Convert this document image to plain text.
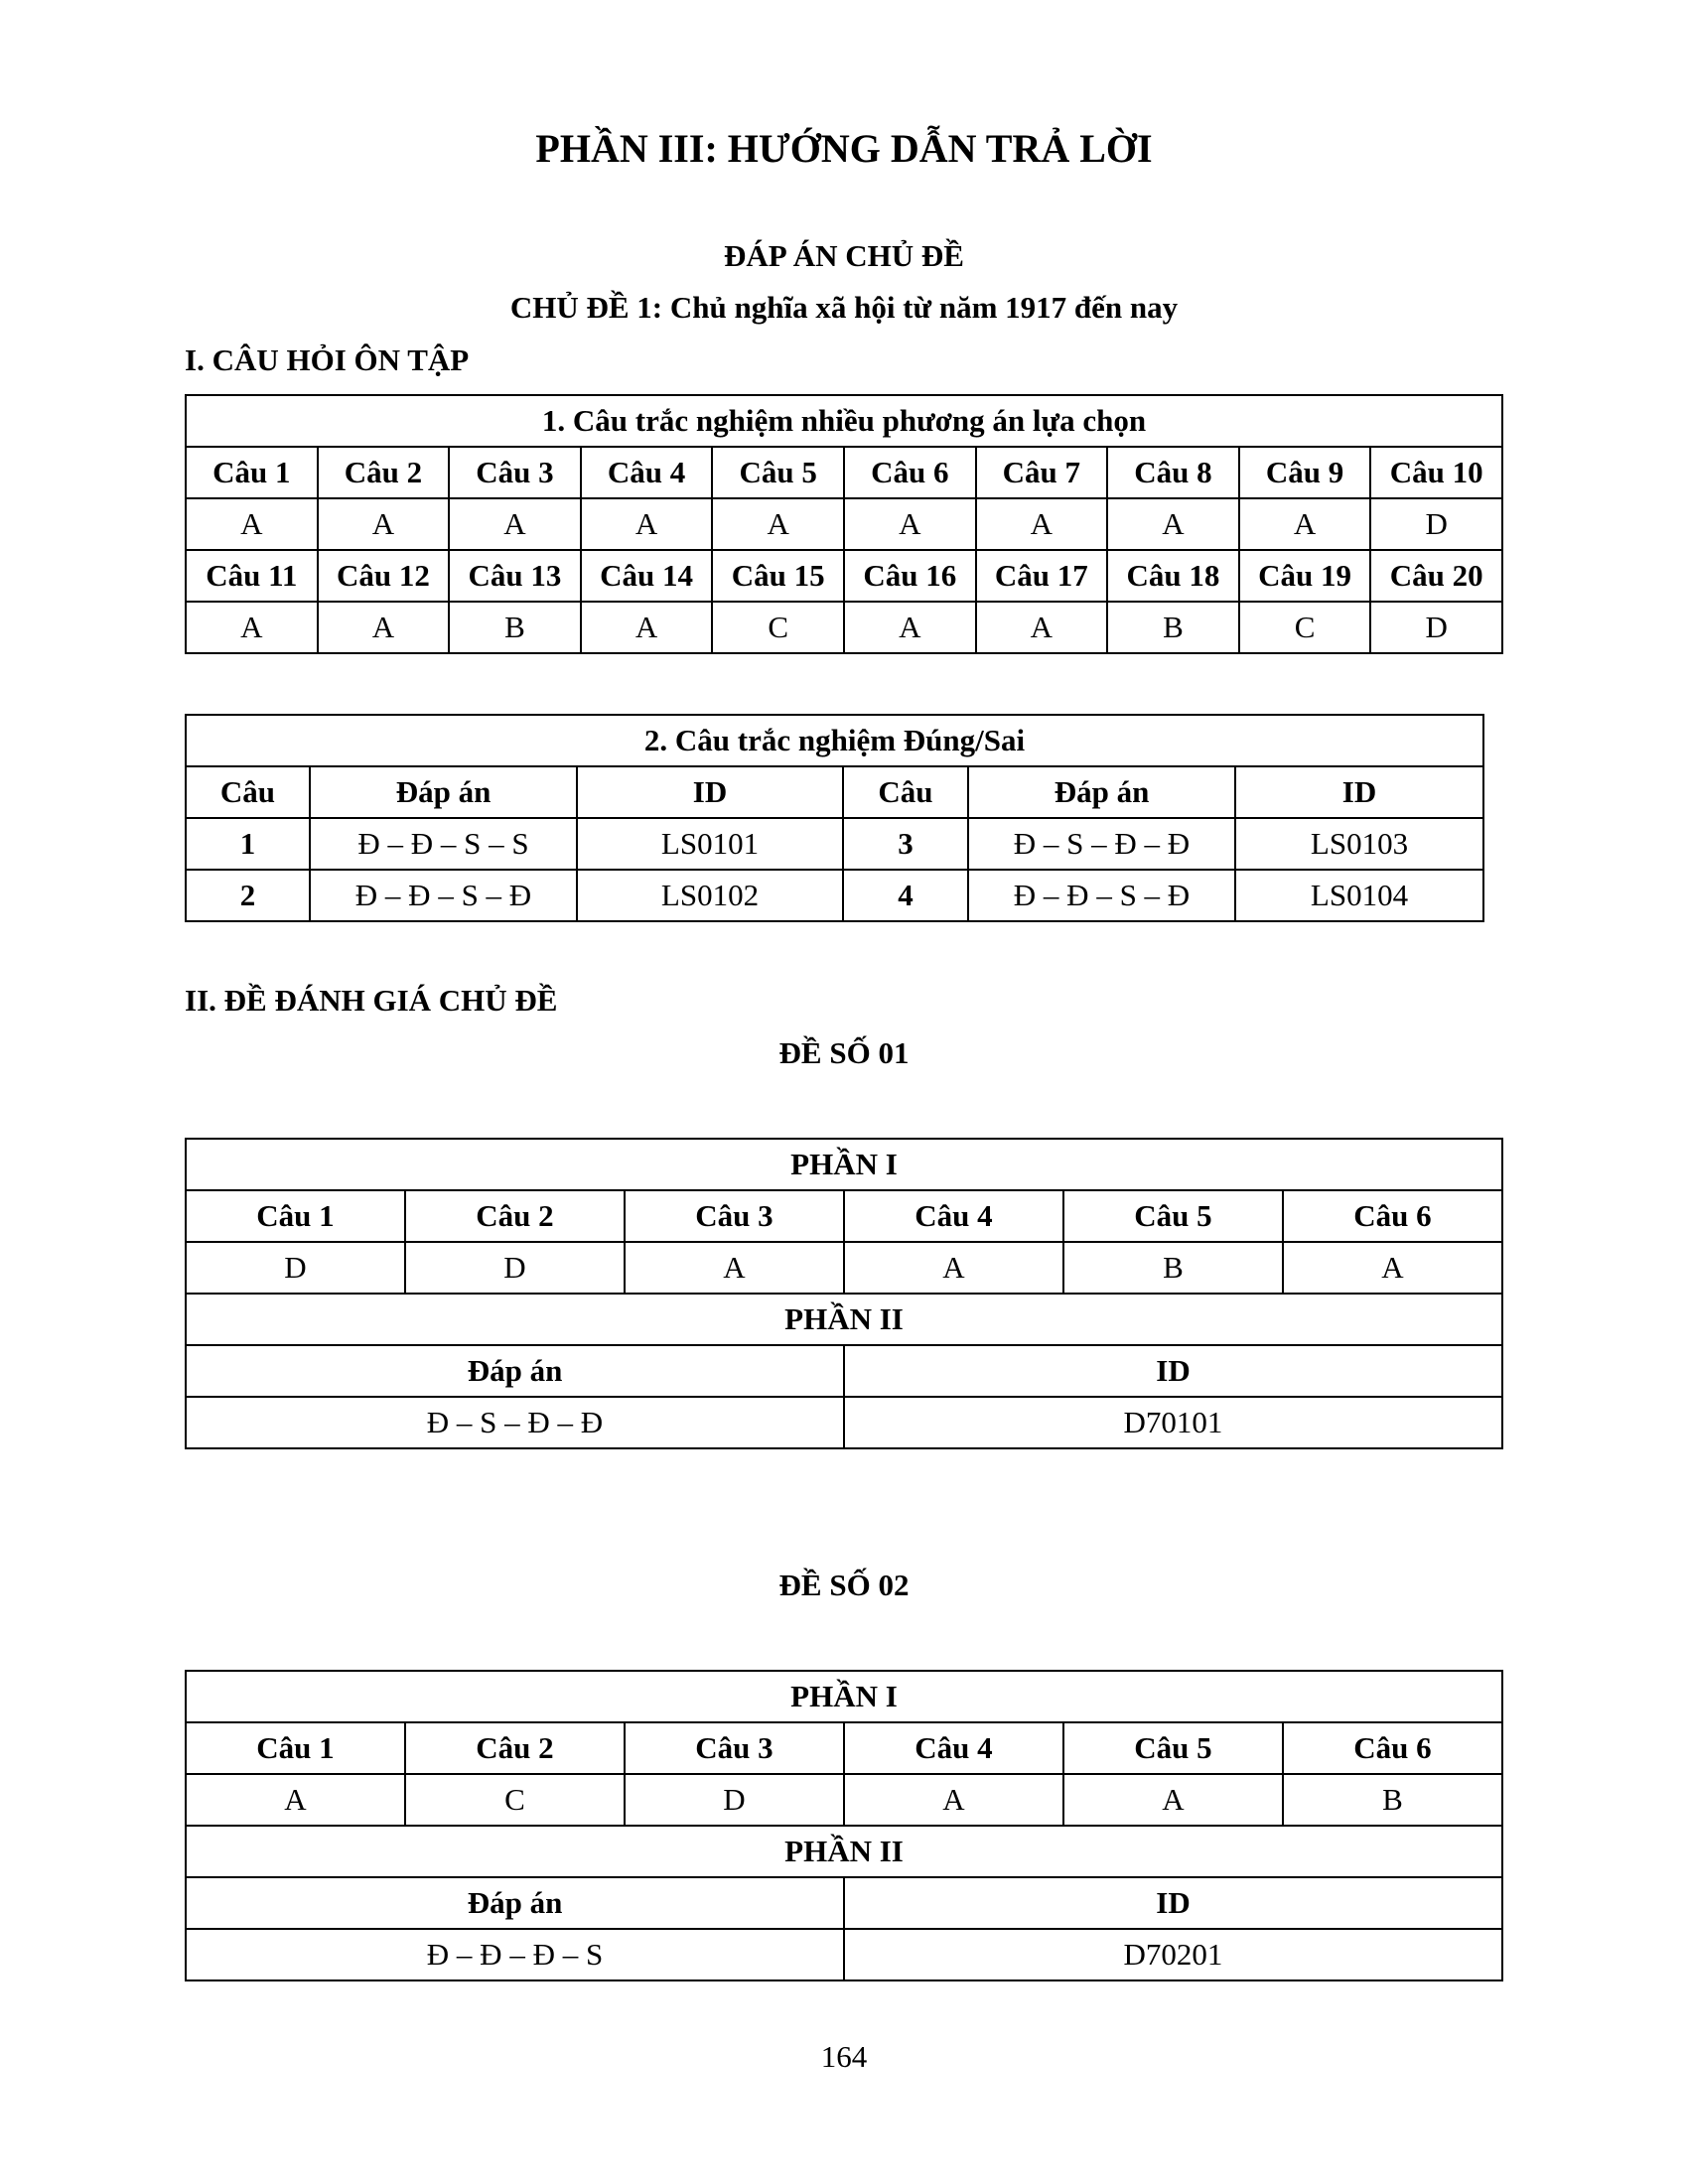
PHẦN III: HƯỚNG DẪN TRẢ LỜI
ĐÁP ÁN CHỦ ĐỀ
CHỦ ĐỀ 1: Chủ nghĩa xã hội từ năm 1917 đến nay
I. CÂU HỎI ÔN TẬP
1. Câu trắc nghiệm nhiều phương án lựa chọn									
Câu 1	Câu 2	Câu 3	Câu 4	Câu 5	Câu 6	Câu 7	Câu 8	Câu 9	Câu 10
A	A	A	A	A	A	A	A	A	D
Câu 11	Câu 12	Câu 13	Câu 14	Câu 15	Câu 16	Câu 17	Câu 18	Câu 19	Câu 20
A	A	B	A	C	A	A	B	C	D
2. Câu trắc nghiệm Đúng/Sai					
Câu	Đáp án	ID	Câu	Đáp án	ID
1	Đ – Đ – S – S	LS0101	3	Đ – S – Đ – Đ	LS0103
2	Đ – Đ – S – Đ	LS0102	4	Đ – Đ – S – Đ	LS0104
II. ĐỀ ĐÁNH GIÁ CHỦ ĐỀ
ĐỀ SỐ 01
PHẦN I					
Câu 1	Câu 2	Câu 3	Câu 4	Câu 5	Câu 6
D	D	A	A	B	A
PHẦN II					
Đáp án			ID		
Đ – S – Đ – Đ			D70101		
ĐỀ SỐ 02
PHẦN I					
Câu 1	Câu 2	Câu 3	Câu 4	Câu 5	Câu 6
A	C	D	A	A	B
PHẦN II					
Đáp án			ID		
Đ – Đ – Đ – S			D70201		
164
